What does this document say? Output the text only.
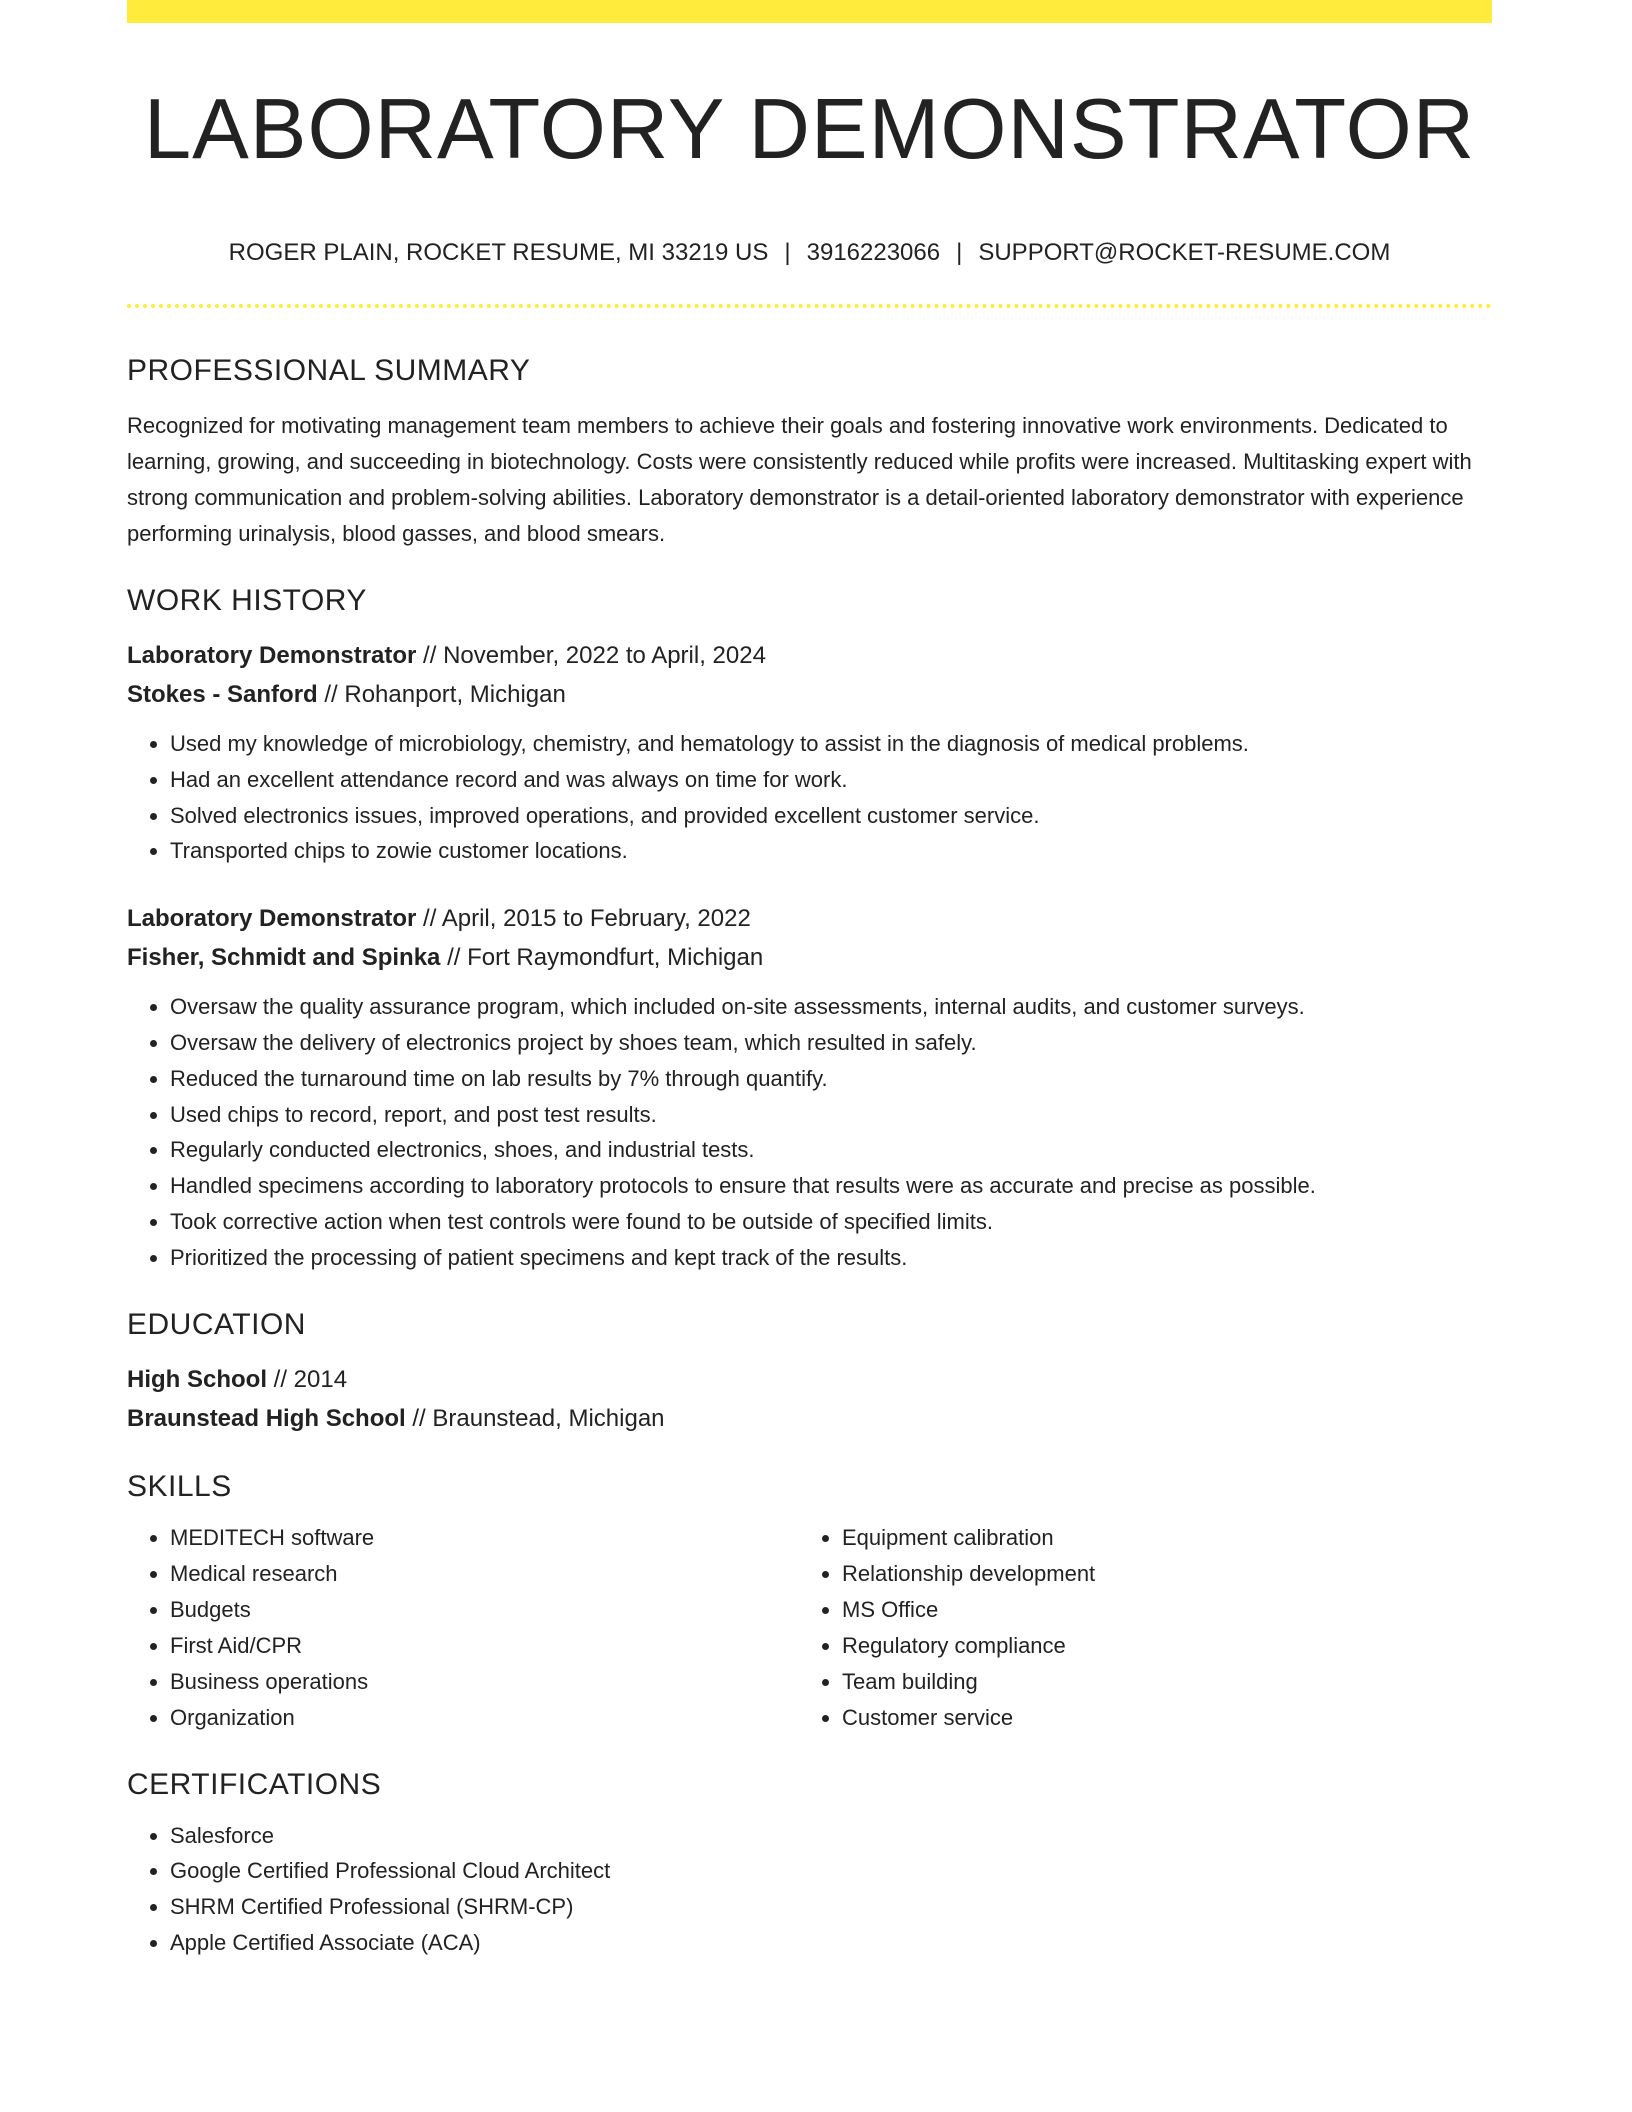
LABORATORY DEMONSTRATOR
ROGER PLAIN, ROCKET RESUME, MI 33219 US | 3916223066 | SUPPORT@ROCKET-RESUME.COM
PROFESSIONAL SUMMARY

Recognized for motivating management team members to achieve their goals and fostering innovative work environments. Dedicated to learning, growing, and succeeding in biotechnology. Costs were consistently reduced while profits were increased. Multitasking expert with strong communication and problem-solving abilities. Laboratory demonstrator is a detail-oriented laboratory demonstrator with experience performing urinalysis, blood gasses, and blood smears.

WORK HISTORY

Laboratory Demonstrator // November, 2022 to April, 2024

Stokes - Sanford // Rohanport, Michigan

• Used my knowledge of microbiology, chemistry, and hematology to assist in the diagnosis of medical problems.
• Had an excellent attendance record and was always on time for work.
• Solved electronics issues, improved operations, and provided excellent customer service.
• Transported chips to zowie customer locations.

Laboratory Demonstrator // April, 2015 to February, 2022

Fisher, Schmidt and Spinka // Fort Raymondfurt, Michigan

• Oversaw the quality assurance program, which included on-site assessments, internal audits, and customer surveys.
• Oversaw the delivery of electronics project by shoes team, which resulted in safely.
• Reduced the turnaround time on lab results by 7% through quantify.
• Used chips to record, report, and post test results.
• Regularly conducted electronics, shoes, and industrial tests.
• Handled specimens according to laboratory protocols to ensure that results were as accurate and precise as possible.
• Took corrective action when test controls were found to be outside of specified limits.
• Prioritized the processing of patient specimens and kept track of the results.
EDUCATION

High School // 2014

Braunstead High School // Braunstead, Michigan

SKILLS
• MEDITECH software
• Medical research
• Budgets
• First Aid/CPR
• Business operations
• Organization
• Equipment calibration
• Relationship development
• MS Office
• Regulatory compliance
• Team building
• Customer service
CERTIFICATIONS
• Salesforce
• Google Certified Professional Cloud Architect
• SHRM Certified Professional (SHRM-CP)
• Apple Certified Associate (ACA)
